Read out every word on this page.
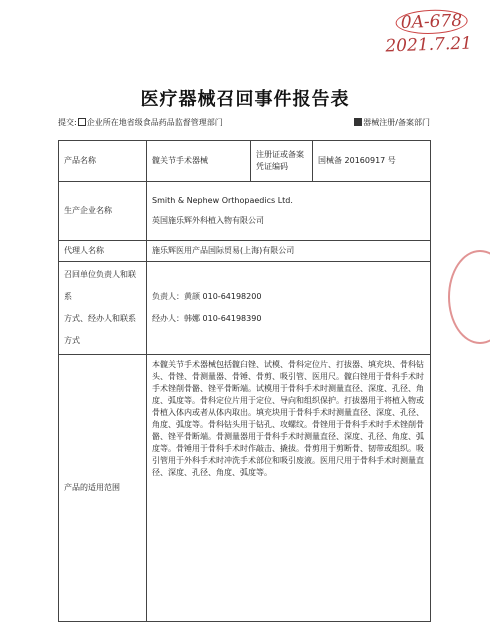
0A-678
2021.7.21
医疗器械召回事件报告表
提交: 企业所在地省级食品药品监督管理部门	器械注册/备案部门
产品名称	髋关节手术器械	注册证或备案凭证编码	国械备 20160917 号
生产企业名称	Smith & Nephew Orthopaedics Ltd.
英国施乐辉外科植入物有限公司		

代理人名称	施乐辉医用产品国际贸易(上海)有限公司		

召回单位负责人和联系
方式、经办人和联系方式	负责人：黄颉 010-64198200
经办人：韩娜 010-64198390		

产品的适用范围	本髋关节手术器械包括髋臼锉、试模、骨科定位片、打拔器、填充块、骨科钻头、骨锉、骨测量器、骨锤、骨剪、吸引管、医用尺。髋臼锉用于骨科手术时手术锉削骨骼、锉平骨断端。试模用于骨科手术时测量直径、深度、孔径、角度、弧度等。骨科定位片用于定位、导向和组织保护。打拔器用于将植入物或骨植入体内或者从体内取出。填充块用于骨科手术时测量直径、深度、孔径、角度、弧度等。骨科钻头用于钻孔、攻螺纹。骨锉用于骨科手术时手术锉削骨骼、锉平骨断端。骨测量器用于骨科手术时测量直径、深度、孔径、角度、弧度等。骨锤用于骨科手术时作敲击、撬拔。骨剪用于剪断骨、韧带或组织。吸引管用于外科手术时冲洗手术部位和吸引废液。医用尺用于骨科手术时测量直径、深度、孔径、角度、弧度等。		
